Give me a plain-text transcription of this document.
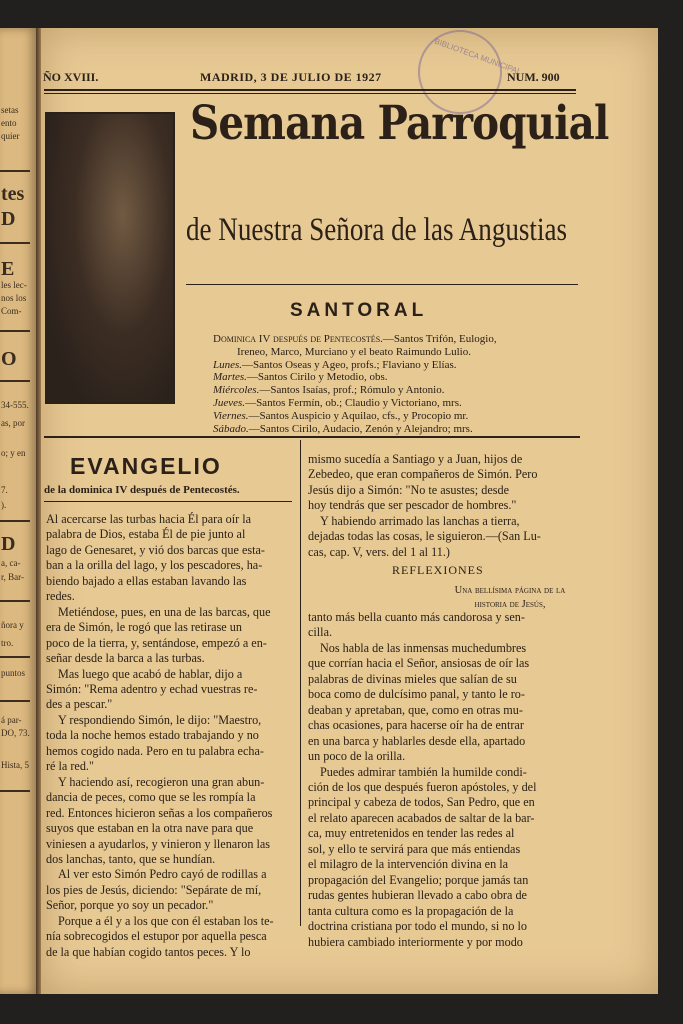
BIBLIOTECA MUNICIPAL
ÑO XVIII.	MADRID, 3 DE JULIO DE 1927	NUM. 900
Semana Parroquial
de Nuestra Señora de las Angustias
SANTORAL
Dominica IV después de Pentecostés.—Santos Trifón, Eulogio,
Ireneo, Marco, Murciano y el beato Raimundo Lulio.
Lunes.—Santos Oseas y Ageo, profs.; Flaviano y Elías.
Martes.—Santos Cirilo y Metodio, obs.
Miércoles.—Santos Isaías, prof.; Rómulo y Antonio.
Jueves.—Santos Fermín, ob.; Claudio y Victoriano, mrs.
Viernes.—Santos Auspicio y Aquilao, cfs., y Procopio mr.
Sábado.—Santos Cirilo, Audacio, Zenón y Alejandro; mrs.
EVANGELIO
de la dominica IV después de Pentecostés.
Al acercarse las turbas hacia Él para oír la
palabra de Dios, estaba Él de pie junto al
lago de Genesaret, y vió dos barcas que esta-
ban a la orilla del lago, y los pescadores, ha-
biendo bajado a ellas estaban lavando las
redes.
Metiéndose, pues, en una de las barcas, que
era de Simón, le rogó que las retirase un
poco de la tierra, y, sentándose, empezó a en-
señar desde la barca a las turbas.
Mas luego que acabó de hablar, dijo a
Simón: "Rema adentro y echad vuestras re-
des a pescar."
Y respondiendo Simón, le dijo: "Maestro,
toda la noche hemos estado trabajando y no
hemos cogido nada. Pero en tu palabra echa-
ré la red."
Y haciendo así, recogieron una gran abun-
dancia de peces, como que se les rompía la
red. Entonces hicieron señas a los compañeros
suyos que estaban en la otra nave para que
viniesen a ayudarlos, y vinieron y llenaron las
dos lanchas, tanto, que se hundían.
Al ver esto Simón Pedro cayó de rodillas a
los pies de Jesús, diciendo: "Sepárate de mí,
Señor, porque yo soy un pecador."
Porque a él y a los que con él estaban los te-
nía sobrecogidos el estupor por aquella pesca
de la que habían cogido tantos peces. Y lo
mismo sucedía a Santiago y a Juan, hijos de
Zebedeo, que eran compañeros de Simón. Pero
Jesús dijo a Simón: "No te asustes; desde
hoy tendrás que ser pescador de hombres."
Y habiendo arrimado las lanchas a tierra,
dejadas todas las cosas, le siguieron.—(San Lu-
cas, cap. V, vers. del 1 al 11.)
REFLEXIONES
Una bellísima página de la
historia de Jesús,
tanto más bella cuanto más candorosa y sen-
cilla.
Nos habla de las inmensas muchedumbres
que corrían hacia el Señor, ansiosas de oír las
palabras de divinas mieles que salían de su
boca como de dulcísimo panal, y tanto le ro-
deaban y apretaban, que, como en otras mu-
chas ocasiones, para hacerse oír ha de entrar
en una barca y hablarles desde ella, apartado
un poco de la orilla.
Puedes admirar también la humilde condi-
ción de los que después fueron apóstoles, y del
principal y cabeza de todos, San Pedro, que en
el relato aparecen acabados de saltar de la bar-
ca, muy entretenidos en tender las redes al
sol, y ello te servirá para que más entiendas
el milagro de la intervención divina en la
propagación del Evangelio; porque jamás tan
rudas gentes hubieran llevado a cabo obra de
tanta cultura como es la propagación de la
doctrina cristiana por todo el mundo, si no lo
hubiera cambiado interiormente y por modo
setas
ento
quier
tes
D
E
les lec-
nos los
Com-
O
34-555.
as, por
o; y en
7.
).
D
a, ca-
r, Bar-
ñora y
tro.
puntos
á par-
DO, 73.
Hista, 5
